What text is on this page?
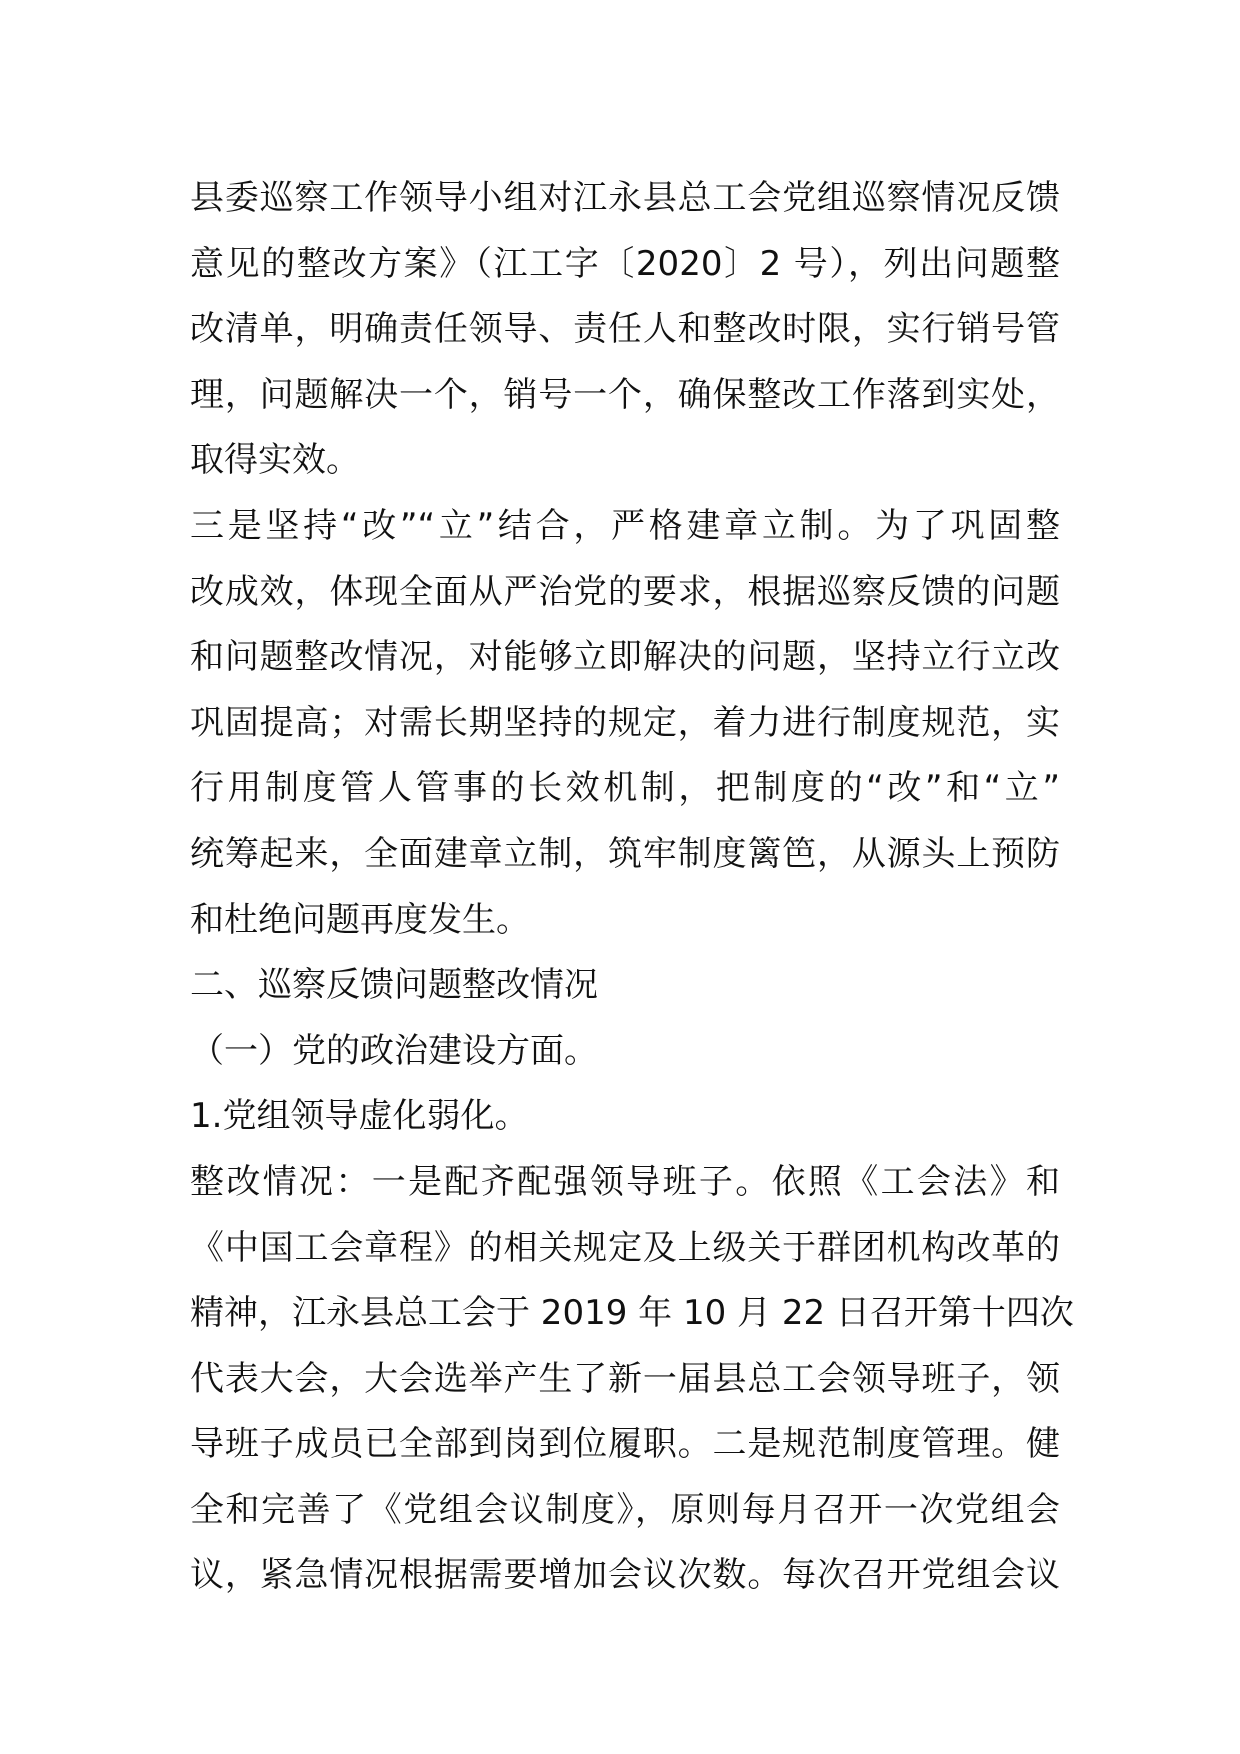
县委巡察工作领导小组对江永县总工会党组巡察情况反馈
意见的整改方案》（江工字〔2020〕2 号），列出问题整
改清单，明确责任领导、责任人和整改时限，实行销号管
理，问题解决一个，销号一个，确保整改工作落到实处，
取得实效。
三是坚持“改”“立”结合，严格建章立制。为了巩固整
改成效，体现全面从严治党的要求，根据巡察反馈的问题
和问题整改情况，对能够立即解决的问题，坚持立行立改
巩固提高；对需长期坚持的规定，着力进行制度规范，实
行用制度管人管事的长效机制，把制度的“改”和“立”
统筹起来，全面建章立制，筑牢制度篱笆，从源头上预防
和杜绝问题再度发生。
二、巡察反馈问题整改情况
（一）党的政治建设方面。
1.党组领导虚化弱化。
整改情况：一是配齐配强领导班子。依照《工会法》和
《中国工会章程》的相关规定及上级关于群团机构改革的
精神，江永县总工会于 2019 年 10 月 22 日召开第十四次
代表大会，大会选举产生了新一届县总工会领导班子，领
导班子成员已全部到岗到位履职。二是规范制度管理。健
全和完善了《党组会议制度》，原则每月召开一次党组会
议，紧急情况根据需要增加会议次数。每次召开党组会议
